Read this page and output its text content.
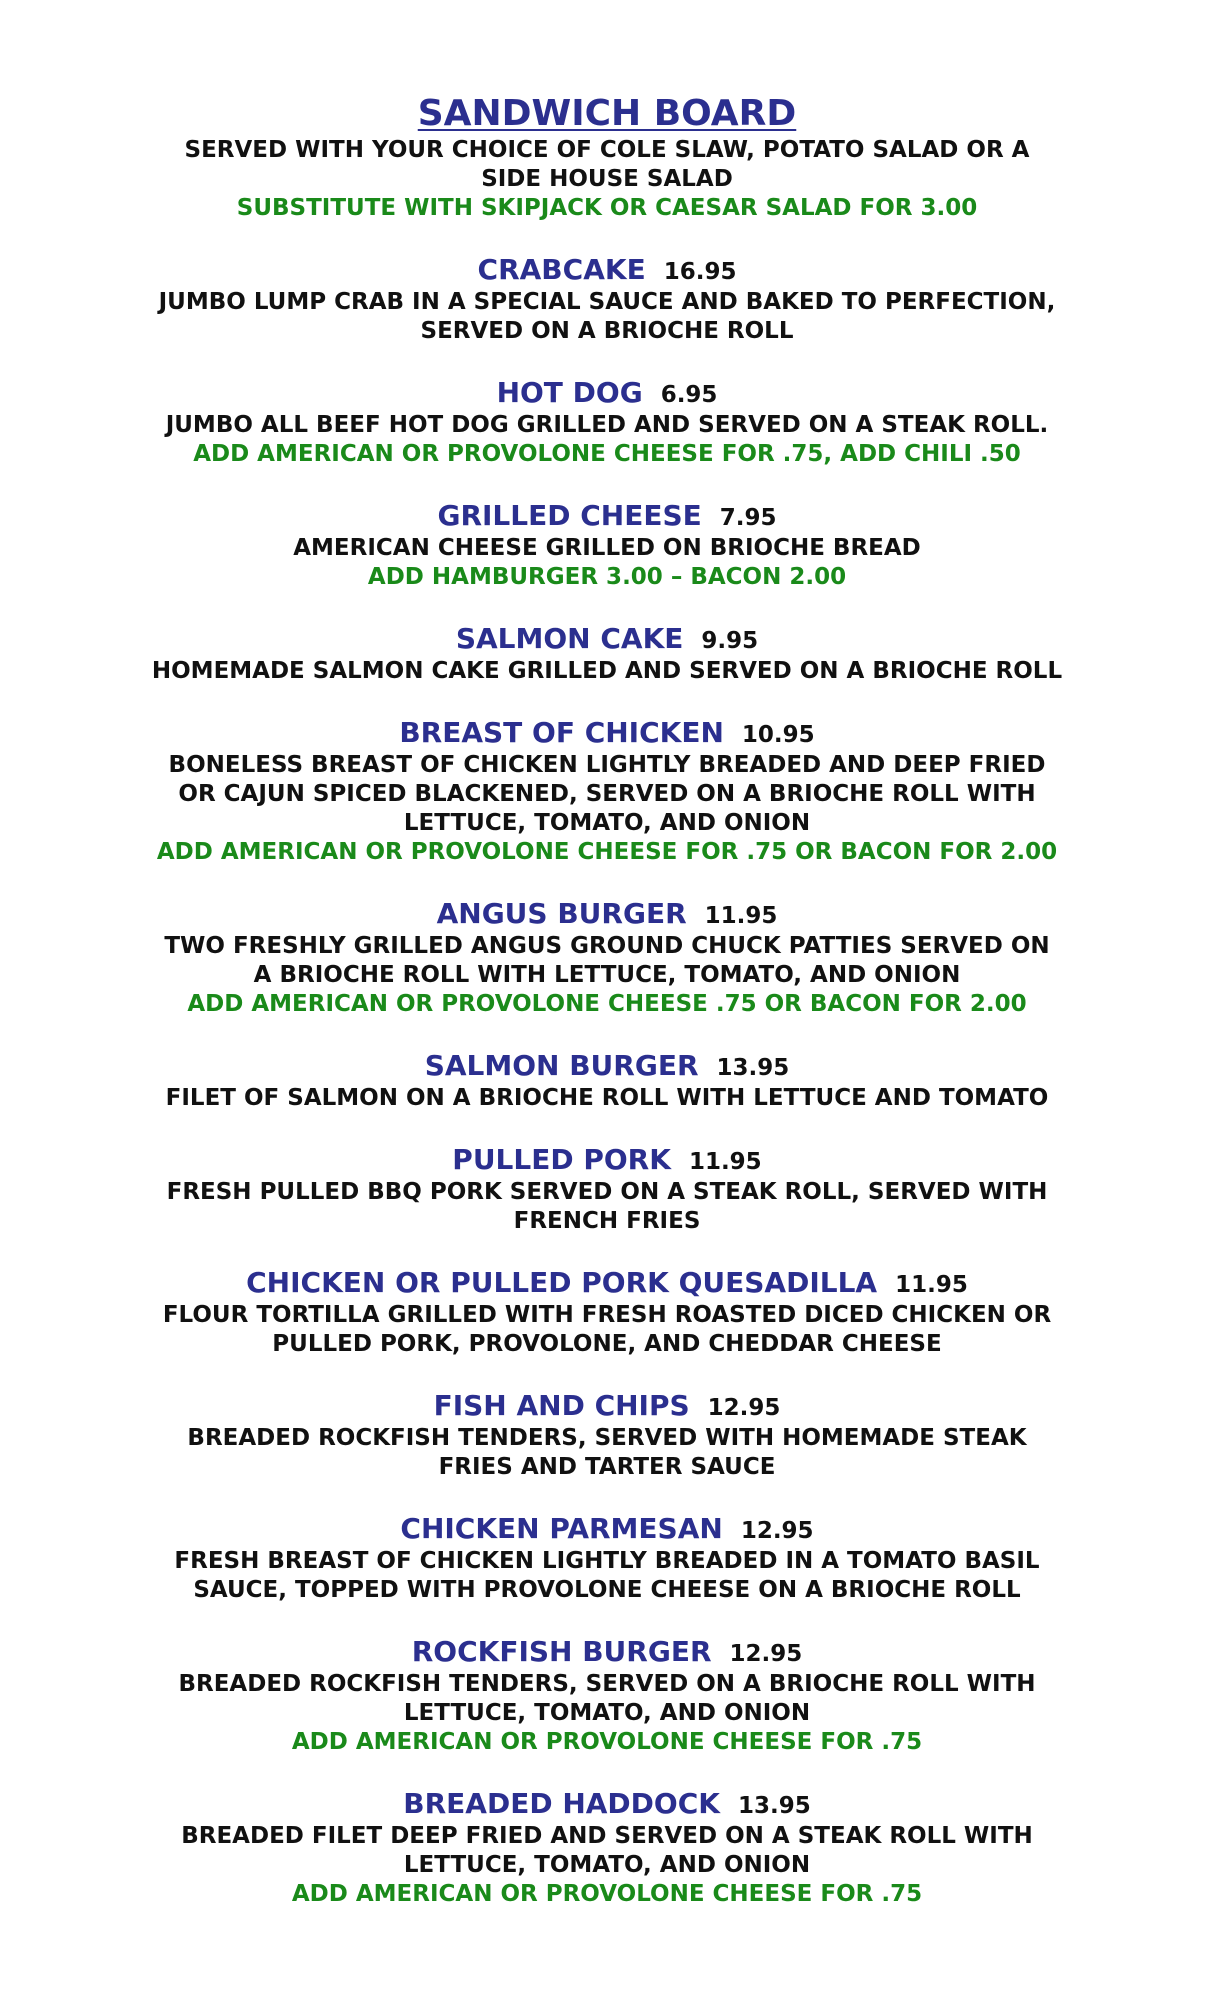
SANDWICH BOARD

SERVED WITH YOUR CHOICE OF COLE SLAW, POTATO SALAD OR A

SIDE HOUSE SALAD

SUBSTITUTE WITH SKIPJACK OR CAESAR SALAD FOR 3.00

CRABCAKE 16.95

JUMBO LUMP CRAB IN A SPECIAL SAUCE AND BAKED TO PERFECTION,

SERVED ON A BRIOCHE ROLL

HOT DOG 6.95

JUMBO ALL BEEF HOT DOG GRILLED AND SERVED ON A STEAK ROLL.

ADD AMERICAN OR PROVOLONE CHEESE FOR .75, ADD CHILI .50

GRILLED CHEESE 7.95

AMERICAN CHEESE GRILLED ON BRIOCHE BREAD

ADD HAMBURGER 3.00 – BACON 2.00

SALMON CAKE 9.95

HOMEMADE SALMON CAKE GRILLED AND SERVED ON A BRIOCHE ROLL

BREAST OF CHICKEN 10.95

BONELESS BREAST OF CHICKEN LIGHTLY BREADED AND DEEP FRIED

OR CAJUN SPICED BLACKENED, SERVED ON A BRIOCHE ROLL WITH

LETTUCE, TOMATO, AND ONION

ADD AMERICAN OR PROVOLONE CHEESE FOR .75 OR BACON FOR 2.00

ANGUS BURGER 11.95

TWO FRESHLY GRILLED ANGUS GROUND CHUCK PATTIES SERVED ON

A BRIOCHE ROLL WITH LETTUCE, TOMATO, AND ONION

ADD AMERICAN OR PROVOLONE CHEESE .75 OR BACON FOR 2.00

SALMON BURGER 13.95

FILET OF SALMON ON A BRIOCHE ROLL WITH LETTUCE AND TOMATO

PULLED PORK 11.95

FRESH PULLED BBQ PORK SERVED ON A STEAK ROLL, SERVED WITH

FRENCH FRIES

CHICKEN OR PULLED PORK QUESADILLA 11.95

FLOUR TORTILLA GRILLED WITH FRESH ROASTED DICED CHICKEN OR

PULLED PORK, PROVOLONE, AND CHEDDAR CHEESE

FISH AND CHIPS 12.95

BREADED ROCKFISH TENDERS, SERVED WITH HOMEMADE STEAK

FRIES AND TARTER SAUCE

CHICKEN PARMESAN 12.95

FRESH BREAST OF CHICKEN LIGHTLY BREADED IN A TOMATO BASIL

SAUCE, TOPPED WITH PROVOLONE CHEESE ON A BRIOCHE ROLL

ROCKFISH BURGER 12.95

BREADED ROCKFISH TENDERS, SERVED ON A BRIOCHE ROLL WITH

LETTUCE, TOMATO, AND ONION

ADD AMERICAN OR PROVOLONE CHEESE FOR .75

BREADED HADDOCK 13.95

BREADED FILET DEEP FRIED AND SERVED ON A STEAK ROLL WITH

LETTUCE, TOMATO, AND ONION

ADD AMERICAN OR PROVOLONE CHEESE FOR .75
